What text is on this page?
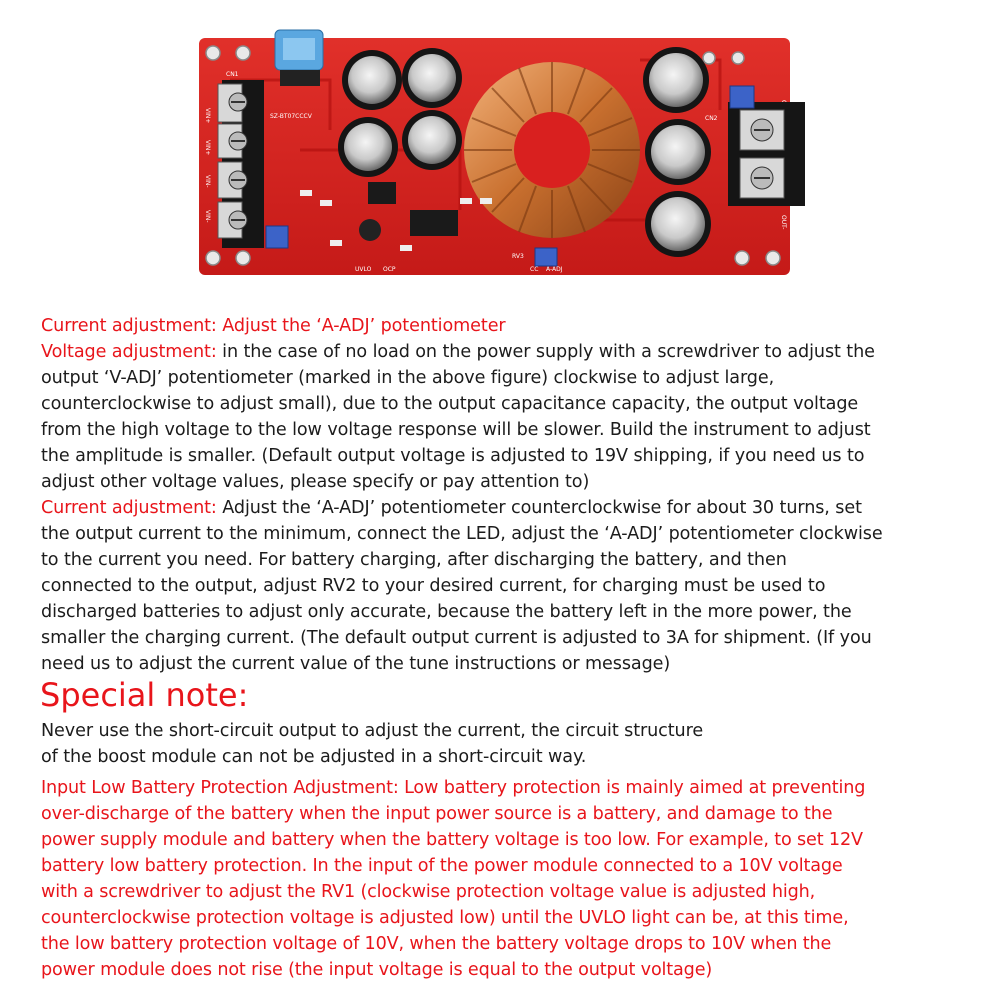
CN1
VIN+
VIN+
VIN-
VIN-
SZ-BT07CCCV	CN2
OUT-
A-ADJ
UVLO OCP	CC
RV3
Current adjustment: Adjust the ‘A-ADJ’ potentiometer
Voltage adjustment: in the case of no load on the power supply with a screwdriver to adjust the
output ‘V-ADJ’ potentiometer (marked in the above figure) clockwise to adjust large,
counterclockwise to adjust small), due to the output capacitance capacity, the output voltage
from the high voltage to the low voltage response will be slower. Build the instrument to adjust
the amplitude is smaller. (Default output voltage is adjusted to 19V shipping, if you need us to
adjust other voltage values, please specify or pay attention to)
Current adjustment: Adjust the ‘A-ADJ’ potentiometer counterclockwise for about 30 turns, set
the output current to the minimum, connect the LED, adjust the ‘A-ADJ’ potentiometer clockwise
to the current you need. For battery charging, after discharging the battery, and then
connected to the output, adjust RV2 to your desired current, for charging must be used to
discharged batteries to adjust only accurate, because the battery left in the more power, the
smaller the charging current. (The default output current is adjusted to 3A for shipment. (If you
need us to adjust the current value of the tune instructions or message)
Special note:
Never use the short-circuit output to adjust the current, the circuit structure
of the boost module can not be adjusted in a short-circuit way.
Input Low Battery Protection Adjustment: Low battery protection is mainly aimed at preventing
over-discharge of the battery when the input power source is a battery, and damage to the
power supply module and battery when the battery voltage is too low. For example, to set 12V
battery low battery protection. In the input of the power module connected to a 10V voltage
with a screwdriver to adjust the RV1 (clockwise protection voltage value is adjusted high,
counterclockwise protection voltage is adjusted low) until the UVLO light can be, at this time,
the low battery protection voltage of 10V, when the battery voltage drops to 10V when the
power module does not rise (the input voltage is equal to the output voltage)
